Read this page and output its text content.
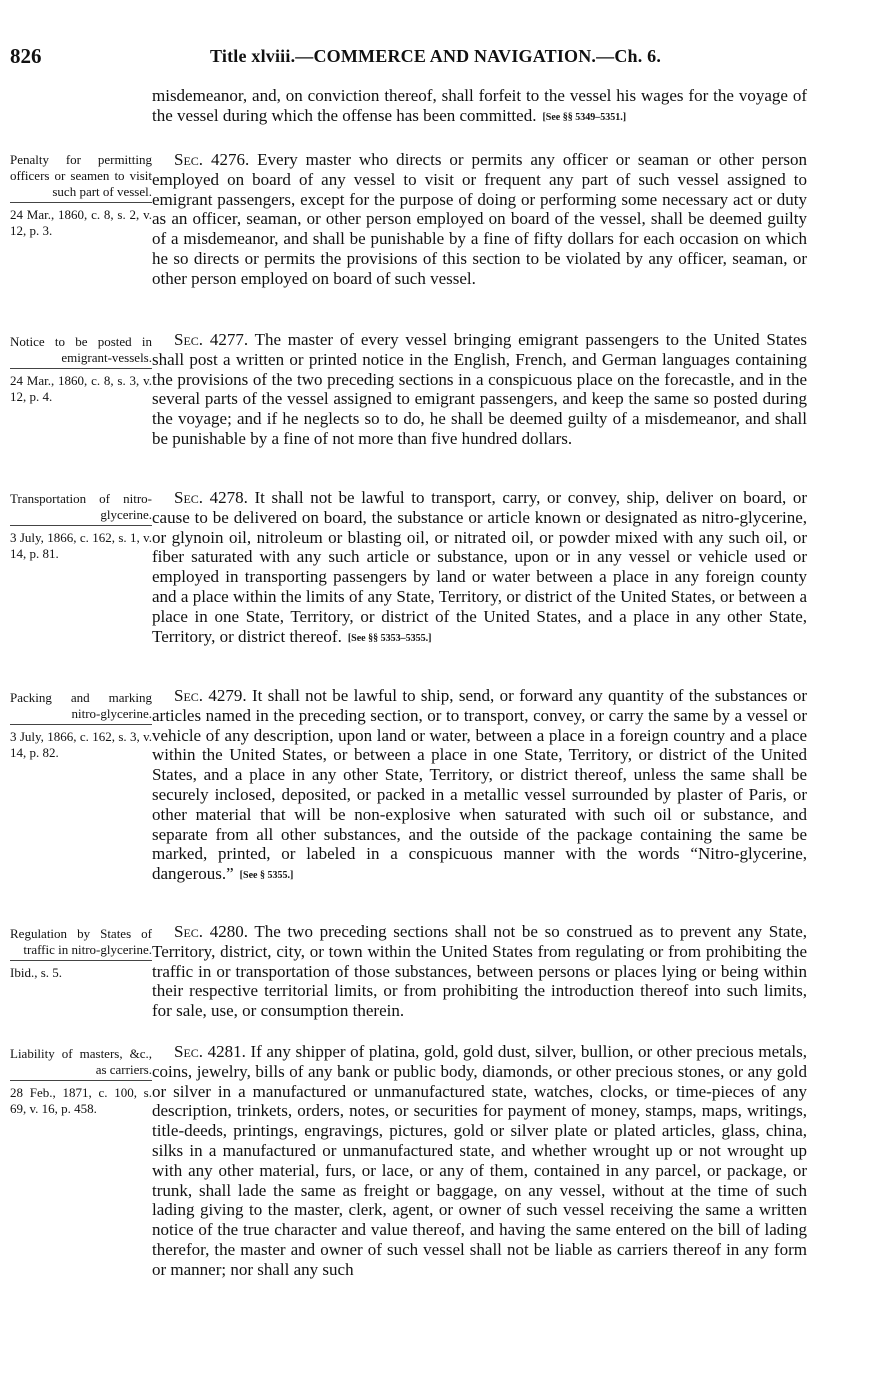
826	Title xlviii.—COMMERCE AND NAVIGATION.—Ch. 6.
Penalty for permitting officers or seamen to visit such part of vessel.
24 Mar., 1860, c. 8, s. 2, v. 12, p. 3.
Notice to be posted in emigrant-vessels.
24 Mar., 1860, c. 8, s. 3, v. 12, p. 4.
Transportation of nitro-glycerine.
3 July, 1866, c. 162, s. 1, v. 14, p. 81.
Packing and marking nitro-glycerine.
3 July, 1866, c. 162, s. 3, v. 14, p. 82.
Regulation by States of traffic in nitro-glycerine.
Ibid., s. 5.
Liability of masters, &c., as carriers.
28 Feb., 1871, c. 100, s. 69, v. 16, p. 458.

misdemeanor, and, on conviction thereof, shall forfeit to the vessel his wages for the voyage of the vessel during which the offense has been committed. [See §§ 5349–5351.]

Sec. 4276. Every master who directs or permits any officer or seaman or other person employed on board of any vessel to visit or frequent any part of such vessel assigned to emigrant passengers, except for the purpose of doing or performing some necessary act or duty as an officer, seaman, or other person employed on board of the vessel, shall be deemed guilty of a misdemeanor, and shall be punishable by a fine of fifty dollars for each occasion on which he so directs or permits the provisions of this section to be violated by any officer, seaman, or other person employed on board of such vessel.

Sec. 4277. The master of every vessel bringing emigrant passengers to the United States shall post a written or printed notice in the English, French, and German languages containing the provisions of the two preceding sections in a conspicuous place on the forecastle, and in the several parts of the vessel assigned to emigrant passengers, and keep the same so posted during the voyage; and if he neglects so to do, he shall be deemed guilty of a misdemeanor, and shall be punishable by a fine of not more than five hundred dollars.

Sec. 4278. It shall not be lawful to transport, carry, or convey, ship, deliver on board, or cause to be delivered on board, the substance or article known or designated as nitro-glycerine, or glynoin oil, nitroleum or blasting oil, or nitrated oil, or powder mixed with any such oil, or fiber saturated with any such article or substance, upon or in any vessel or vehicle used or employed in transporting passengers by land or water between a place in any foreign county and a place within the limits of any State, Territory, or district of the United States, or between a place in one State, Territory, or district of the United States, and a place in any other State, Territory, or district thereof. [See §§ 5353–5355.]

Sec. 4279. It shall not be lawful to ship, send, or forward any quantity of the substances or articles named in the preceding section, or to transport, convey, or carry the same by a vessel or vehicle of any description, upon land or water, between a place in a foreign country and a place within the United States, or between a place in one State, Territory, or district of the United States, and a place in any other State, Territory, or district thereof, unless the same shall be securely inclosed, deposited, or packed in a metallic vessel surrounded by plaster of Paris, or other material that will be non-explosive when saturated with such oil or substance, and separate from all other substances, and the outside of the package containing the same be marked, printed, or labeled in a conspicuous manner with the words “Nitro-glycerine, dangerous.” [See § 5355.]

Sec. 4280. The two preceding sections shall not be so construed as to prevent any State, Territory, district, city, or town within the United States from regulating or from prohibiting the traffic in or transportation of those substances, between persons or places lying or being within their respective territorial limits, or from prohibiting the introduction thereof into such limits, for sale, use, or consumption therein.

Sec. 4281. If any shipper of platina, gold, gold dust, silver, bullion, or other precious metals, coins, jewelry, bills of any bank or public body, diamonds, or other precious stones, or any gold or silver in a manufactured or unmanufactured state, watches, clocks, or time-pieces of any description, trinkets, orders, notes, or securities for payment of money, stamps, maps, writings, title-deeds, printings, engravings, pictures, gold or silver plate or plated articles, glass, china, silks in a manufactured or unmanufactured state, and whether wrought up or not wrought up with any other material, furs, or lace, or any of them, contained in any parcel, or package, or trunk, shall lade the same as freight or baggage, on any vessel, without at the time of such lading giving to the master, clerk, agent, or owner of such vessel receiving the same a written notice of the true character and value thereof, and having the same entered on the bill of lading therefor, the master and owner of such vessel shall not be liable as carriers thereof in any form or manner; nor shall any such
